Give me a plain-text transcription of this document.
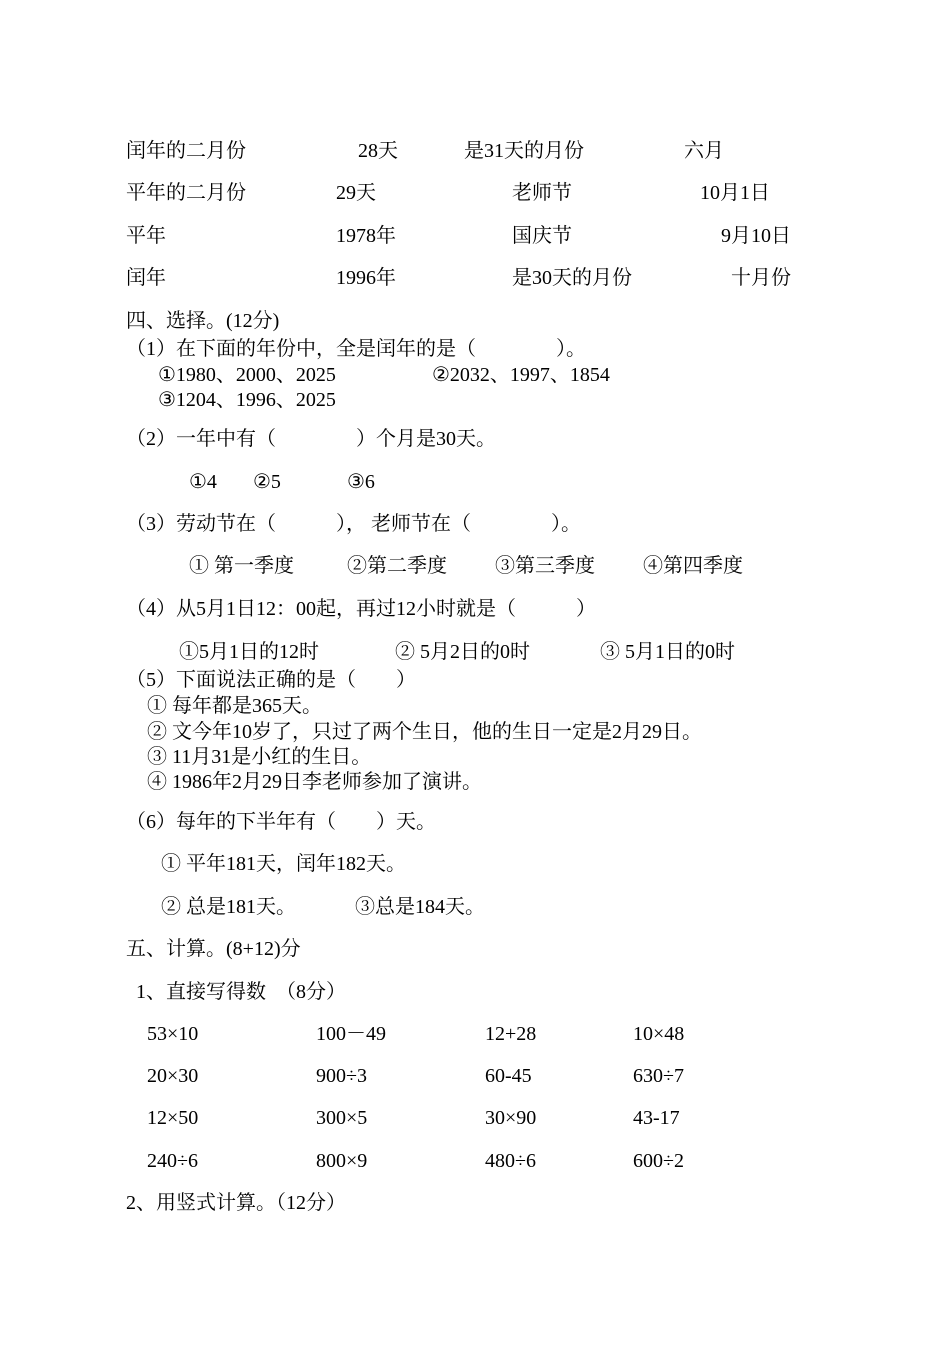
闰年的二月份	28天	是31天的月份	六月
平年的二月份	29天	老师节	10月1日
平年	1978年	国庆节	9月10日
闰年	1996年	是30天的月份	十月份
四、选择。(12分)
（1）在下面的年份中，全是闰年的是（　　　　）。
①1980、2000、2025	②2032、1997、1854
③1204、1996、2025
（2）一年中有（　　　　）个月是30天。
①4 ②5	③6
（3）劳动节在（　　　）， 老师节在（　　　　）。
① 第一季度	②第二季度 ③第三季度 ④第四季度
（4）从5月1日12：00起，再过12小时就是（　　　）
①5月1日的12时	② 5月2日的0时	③ 5月1日的0时
（5）下面说法正确的是（　　）
① 每年都是365天。
② 文今年10岁了，只过了两个生日，他的生日一定是2月29日。
③ 11月31是小红的生日。
④ 1986年2月29日李老师参加了演讲。
（6）每年的下半年有（　　）天。
① 平年181天，闰年182天。
② 总是181天。	③总是184天。
五、计算。(8+12)分
1、直接写得数　（8分）
53×10	100－49	12+28	10×48
20×30	900÷3	60-45	630÷7
12×50	300×5	30×90	43-17
240÷6	800×9	480÷6	600÷2
2、用竖式计算。（12分）
